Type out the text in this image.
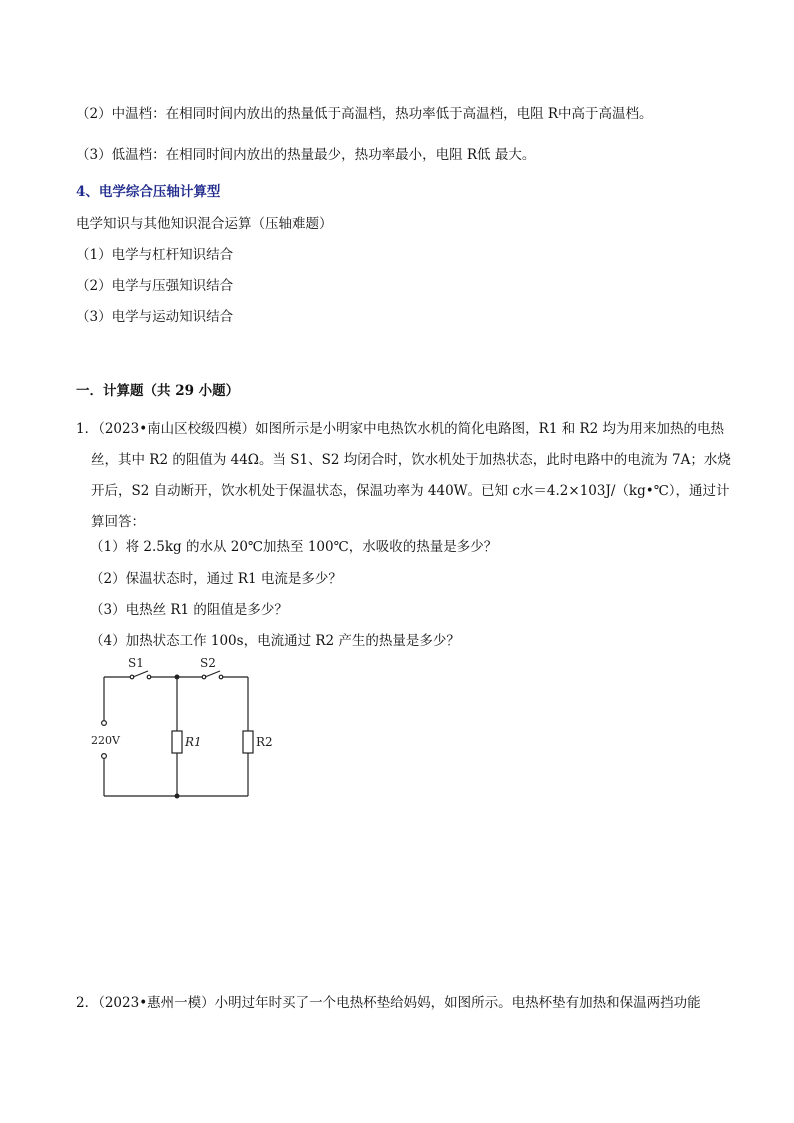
（2）中温档：在相同时间内放出的热量低于高温档，热功率低于高温档，电阻 R中高于高温档。
（3）低温档：在相同时间内放出的热量最少，热功率最小，电阻 R低 最大。
4、电学综合压轴计算型
电学知识与其他知识混合运算（压轴难题）
（1）电学与杠杆知识结合
（2）电学与压强知识结合
（3）电学与运动知识结合
一．计算题（共 29 小题）
1．（2023•南山区校级四模）如图所示是小明家中电热饮水机的简化电路图，R1 和 R2 均为用来加热的电热丝，其中 R2 的阻值为 44Ω。当 S1、S2 均闭合时，饮水机处于加热状态，此时电路中的电流为 7A；水烧开后，S2 自动断开，饮水机处于保温状态，保温功率为 440W。已知 c水＝4.2×103J/（kg•℃），通过计算回答：
（1）将 2.5kg 的水从 20℃加热至 100℃，水吸收的热量是多少？
（2）保温状态时，通过 R1 电流是多少？
（3）电热丝 R1 的阻值是多少？
（4）加热状态工作 100s，电流通过 R2 产生的热量是多少？
S1	S2
220V	R1	R2
2．（2023•惠州一模）小明过年时买了一个电热杯垫给妈妈，如图所示。电热杯垫有加热和保温两挡功能
